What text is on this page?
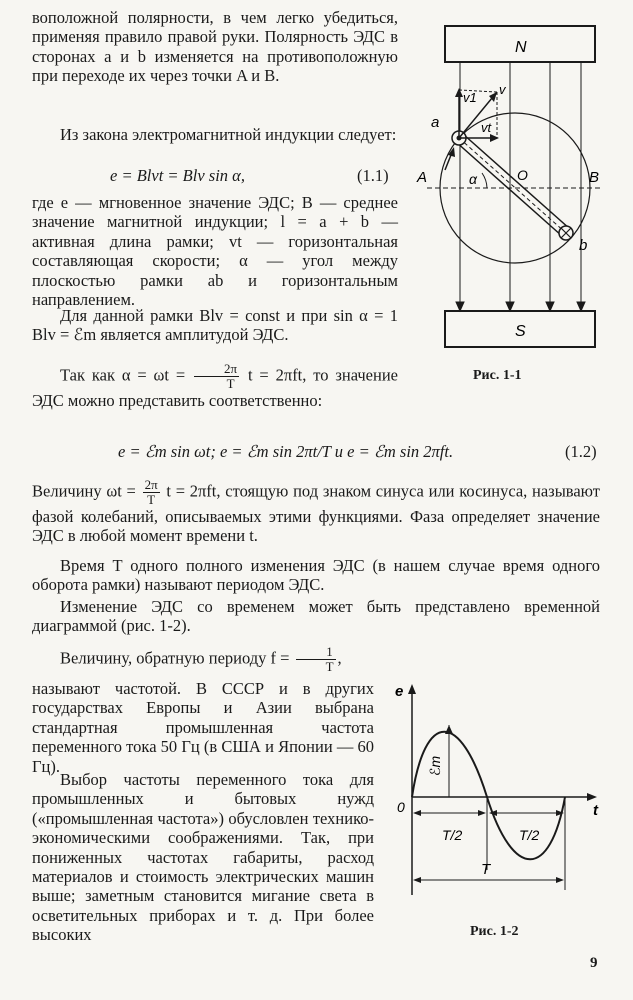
воположной полярности, в чем легко убедиться, применяя правило правой руки. Полярность ЭДС в сторонах a и b изменяется на противоположную при переходе их через точки A и B.

Из закона электромагнитной индукции следует:

e = Blvt = Blv sin α,	(1.1)

где e — мгновенное значение ЭДС; B — среднее значение магнитной индукции; l = a + b — активная длина рамки; vt — горизонтальная составляющая скорости; α — угол между плоскостью рамки ab и горизонтальным направлением.

Для данной рамки Blv = const и при sin α = 1 Blv = ℰm является амплитудой ЭДС.

Так как $\alpha = \omega t = \frac{2\pi}{T}$ t = 2πft, то значение ЭДС можно представить соответственно:

e = ℰm sin ωt; e = ℰm sin 2πt/T и e = ℰm sin 2πft.	(1.2)

Величину $\omega t = \frac{2\pi}{T}$ t = 2πft, стоящую под знаком синуса или косинуса, называют фазой колебаний, описываемых этими функциями. Фаза определяет значение ЭДС в любой момент времени t.

Время T одного полного изменения ЭДС (в нашем случае время одного оборота рамки) называют периодом ЭДС.

Изменение ЭДС со временем может быть представлено временной диаграммой (рис. 1-2).

Величину, обратную периоду $f = \frac{1}{T}$ ,

называют частотой. В СССР и в других государствах Европы и Азии выбрана стандартная промышленная частота переменного тока 50 Гц (в США и Японии — 60 Гц).

Выбор частоты переменного тока для промышленных и бытовых нужд («промышленная частота») обусловлен технико-экономическими соображениями. Так, при пониженных частотах габариты, расход материалов и стоимость электрических машин выше; заметным становится мигание света в осветительных приборах и т. д. При более высоких

N
S
a
b
A	B
O
α
v
vt
v1
Рис. 1-1
e
t
0
ℰm
T/2	T/2
T
Рис. 1-2
9
